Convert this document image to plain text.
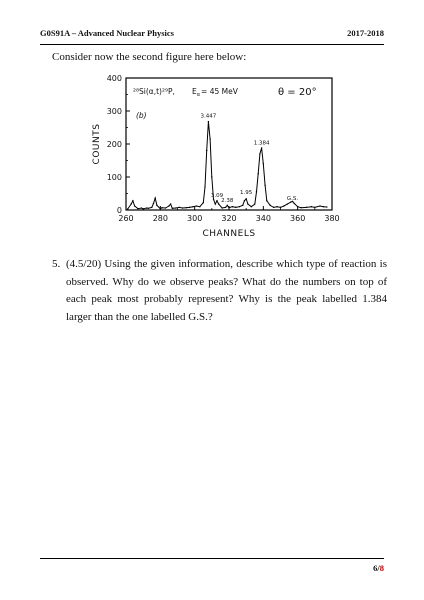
G0S91A – Advanced Nuclear Physics	2017-2018
Consider now the second figure here below:
0
100
200
300
400
260 280 300 320 340 360 380
3.447
1.384
3.09
2.38
1.95
G.S.
²⁸Si(α,t)²⁹P, $E_\alpha= 45$ MeV	θ = 20°
(b)
COUNTS
CHANNELS
5. (4.5/20) Using the given information, describe which type of reaction is observed. Why do we observe peaks? What do the numbers on top of each peak most probably represent? Why is the peak labelled 1.384 larger than the one labelled G.S.?
6/8
